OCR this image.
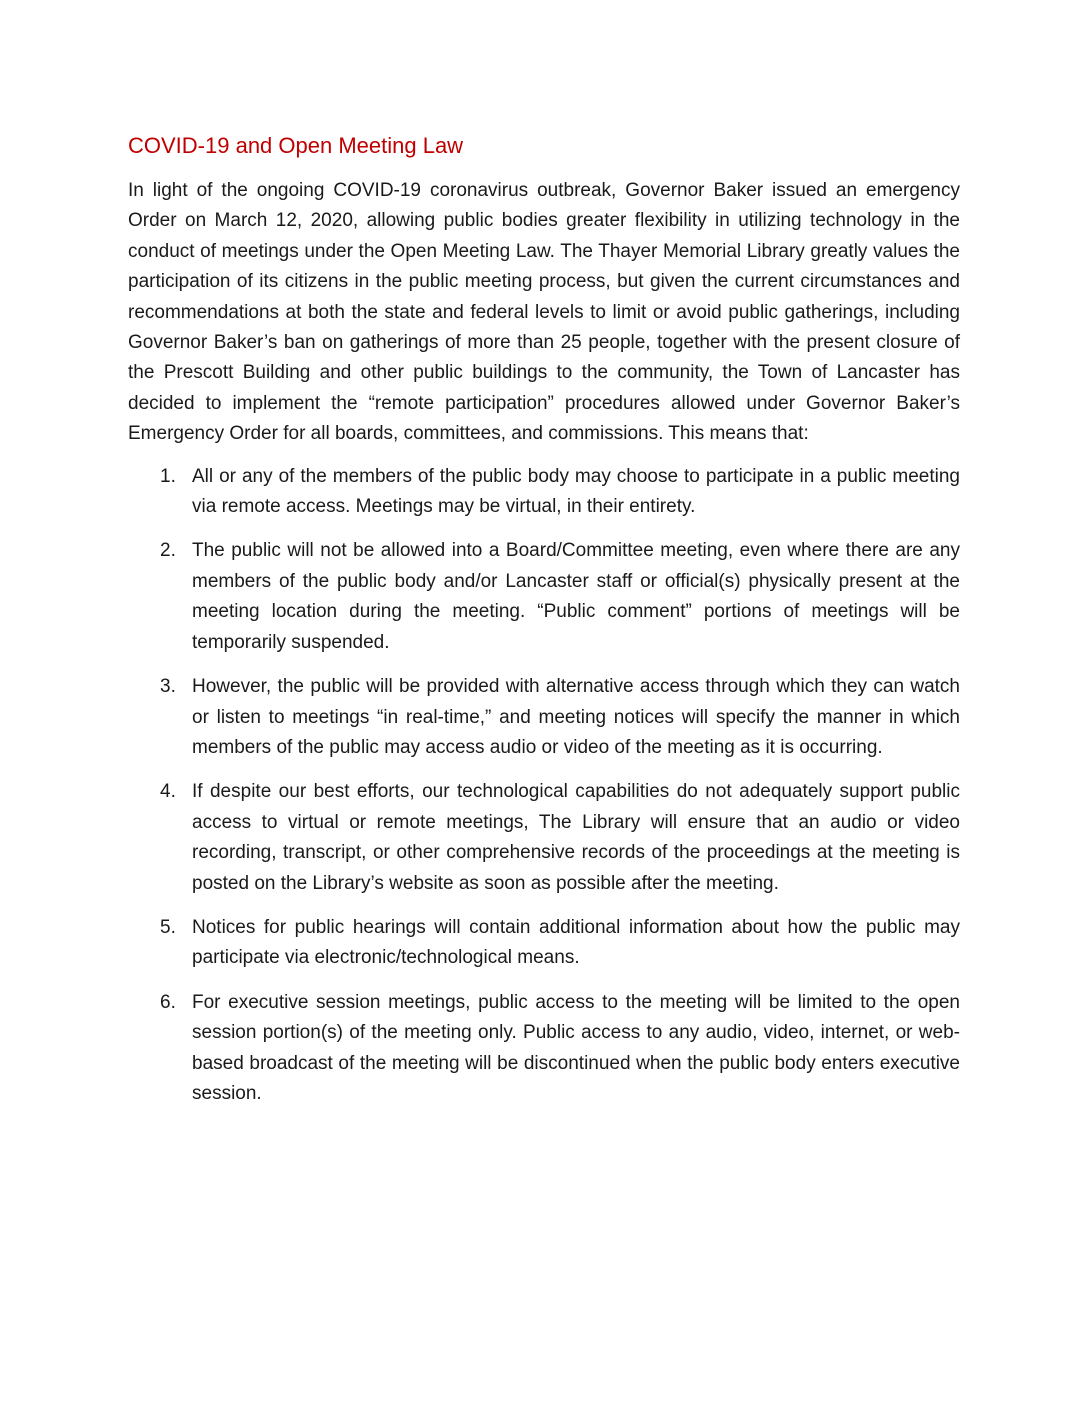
COVID-19 and Open Meeting Law

In light of the ongoing COVID-19 coronavirus outbreak, Governor Baker issued an emergency Order on March 12, 2020, allowing public bodies greater flexibility in utilizing technology in the conduct of meetings under the Open Meeting Law. The Thayer Memorial Library greatly values the participation of its citizens in the public meeting process, but given the current circumstances and recommendations at both the state and federal levels to limit or avoid public gatherings, including Governor Baker’s ban on gatherings of more than 25 people, together with the present closure of the Prescott Building and other public buildings to the community, the Town of Lancaster has decided to implement the “remote participation” procedures allowed under Governor Baker’s Emergency Order for all boards, committees, and commissions. This means that:

1. All or any of the members of the public body may choose to participate in a public meeting via remote access. Meetings may be virtual, in their entirety.
2. The public will not be allowed into a Board/Committee meeting, even where there are any members of the public body and/or Lancaster staff or official(s) physically present at the meeting location during the meeting. “Public comment” portions of meetings will be temporarily suspended.
3. However, the public will be provided with alternative access through which they can watch or listen to meetings “in real-time,” and meeting notices will specify the manner in which members of the public may access audio or video of the meeting as it is occurring.
4. If despite our best efforts, our technological capabilities do not adequately support public access to virtual or remote meetings, The Library will ensure that an audio or video recording, transcript, or other comprehensive records of the proceedings at the meeting is posted on the Library’s website as soon as possible after the meeting.
5. Notices for public hearings will contain additional information about how the public may participate via electronic/technological means.
6. For executive session meetings, public access to the meeting will be limited to the open session portion(s) of the meeting only. Public access to any audio, video, internet, or web-based broadcast of the meeting will be discontinued when the public body enters executive session.
